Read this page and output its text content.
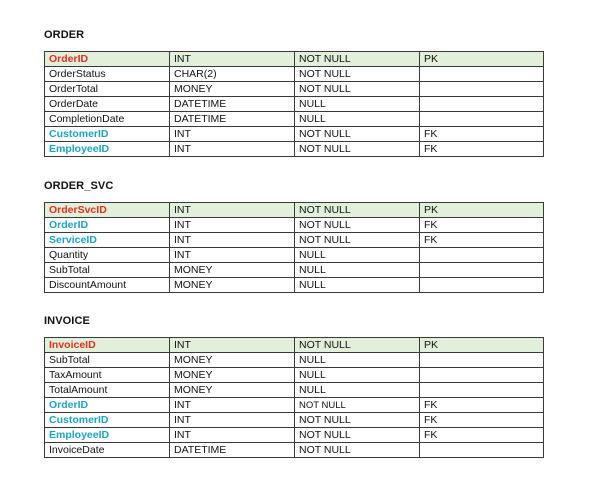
ORDER
OrderID	INT	NOT NULL	PK
OrderStatus	CHAR(2)	NOT NULL	
OrderTotal	MONEY	NOT NULL	
OrderDate	DATETIME	NULL	
CompletionDate	DATETIME	NULL	
CustomerID	INT	NOT NULL	FK
EmployeeID	INT	NOT NULL	FK
ORDER_SVC
OrderSvcID	INT	NOT NULL	PK
OrderID	INT	NOT NULL	FK
ServiceID	INT	NOT NULL	FK
Quantity	INT	NULL	
SubTotal	MONEY	NULL	
DiscountAmount	MONEY	NULL	
INVOICE
InvoiceID	INT	NOT NULL	PK
SubTotal	MONEY	NULL	
TaxAmount	MONEY	NULL	
TotalAmount	MONEY	NULL	
OrderID	INT	NOT NULL	FK
CustomerID	INT	NOT NULL	FK
EmployeeID	INT	NOT NULL	FK
InvoiceDate	DATETIME	NOT NULL	
